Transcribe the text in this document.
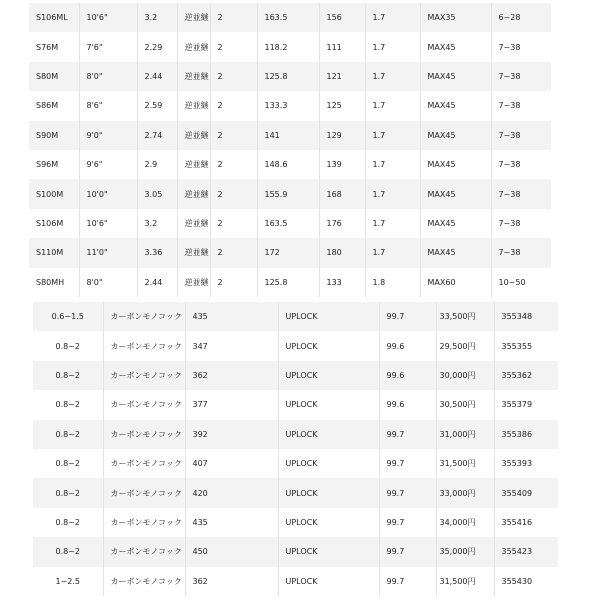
S106ML	10'6"	3.2	逆並継	2	163.5	156	1.7	MAX35	6~28
S76M	7'6"	2.29	逆並継	2	118.2	111	1.7	MAX45	7~38
S80M	8'0"	2.44	逆並継	2	125.8	121	1.7	MAX45	7~38
S86M	8'6"	2.59	逆並継	2	133.3	125	1.7	MAX45	7~38
S90M	9'0"	2.74	逆並継	2	141	129	1.7	MAX45	7~38
S96M	9'6"	2.9	逆並継	2	148.6	139	1.7	MAX45	7~38
S100M	10'0"	3.05	逆並継	2	155.9	168	1.7	MAX45	7~38
S106M	10'6"	3.2	逆並継	2	163.5	176	1.7	MAX45	7~38
S110M	11'0"	3.36	逆並継	2	172	180	1.7	MAX45	7~38
S80MH	8'0"	2.44	逆並継	2	125.8	133	1.8	MAX60	10~50
0.6~1.5	カーボンモノコック	435	UPLOCK	99.7	33,500円	355348
0.8~2	カーボンモノコック	347	UPLOCK	99.6	29,500円	355355
0.8~2	カーボンモノコック	362	UPLOCK	99.6	30,000円	355362
0.8~2	カーボンモノコック	377	UPLOCK	99.6	30,500円	355379
0.8~2	カーボンモノコック	392	UPLOCK	99.7	31,000円	355386
0.8~2	カーボンモノコック	407	UPLOCK	99.7	31,500円	355393
0.8~2	カーボンモノコック	420	UPLOCK	99.7	33,000円	355409
0.8~2	カーボンモノコック	435	UPLOCK	99.7	34,000円	355416
0.8~2	カーボンモノコック	450	UPLOCK	99.7	35,000円	355423
1~2.5	カーボンモノコック	362	UPLOCK	99.7	31,500円	355430
